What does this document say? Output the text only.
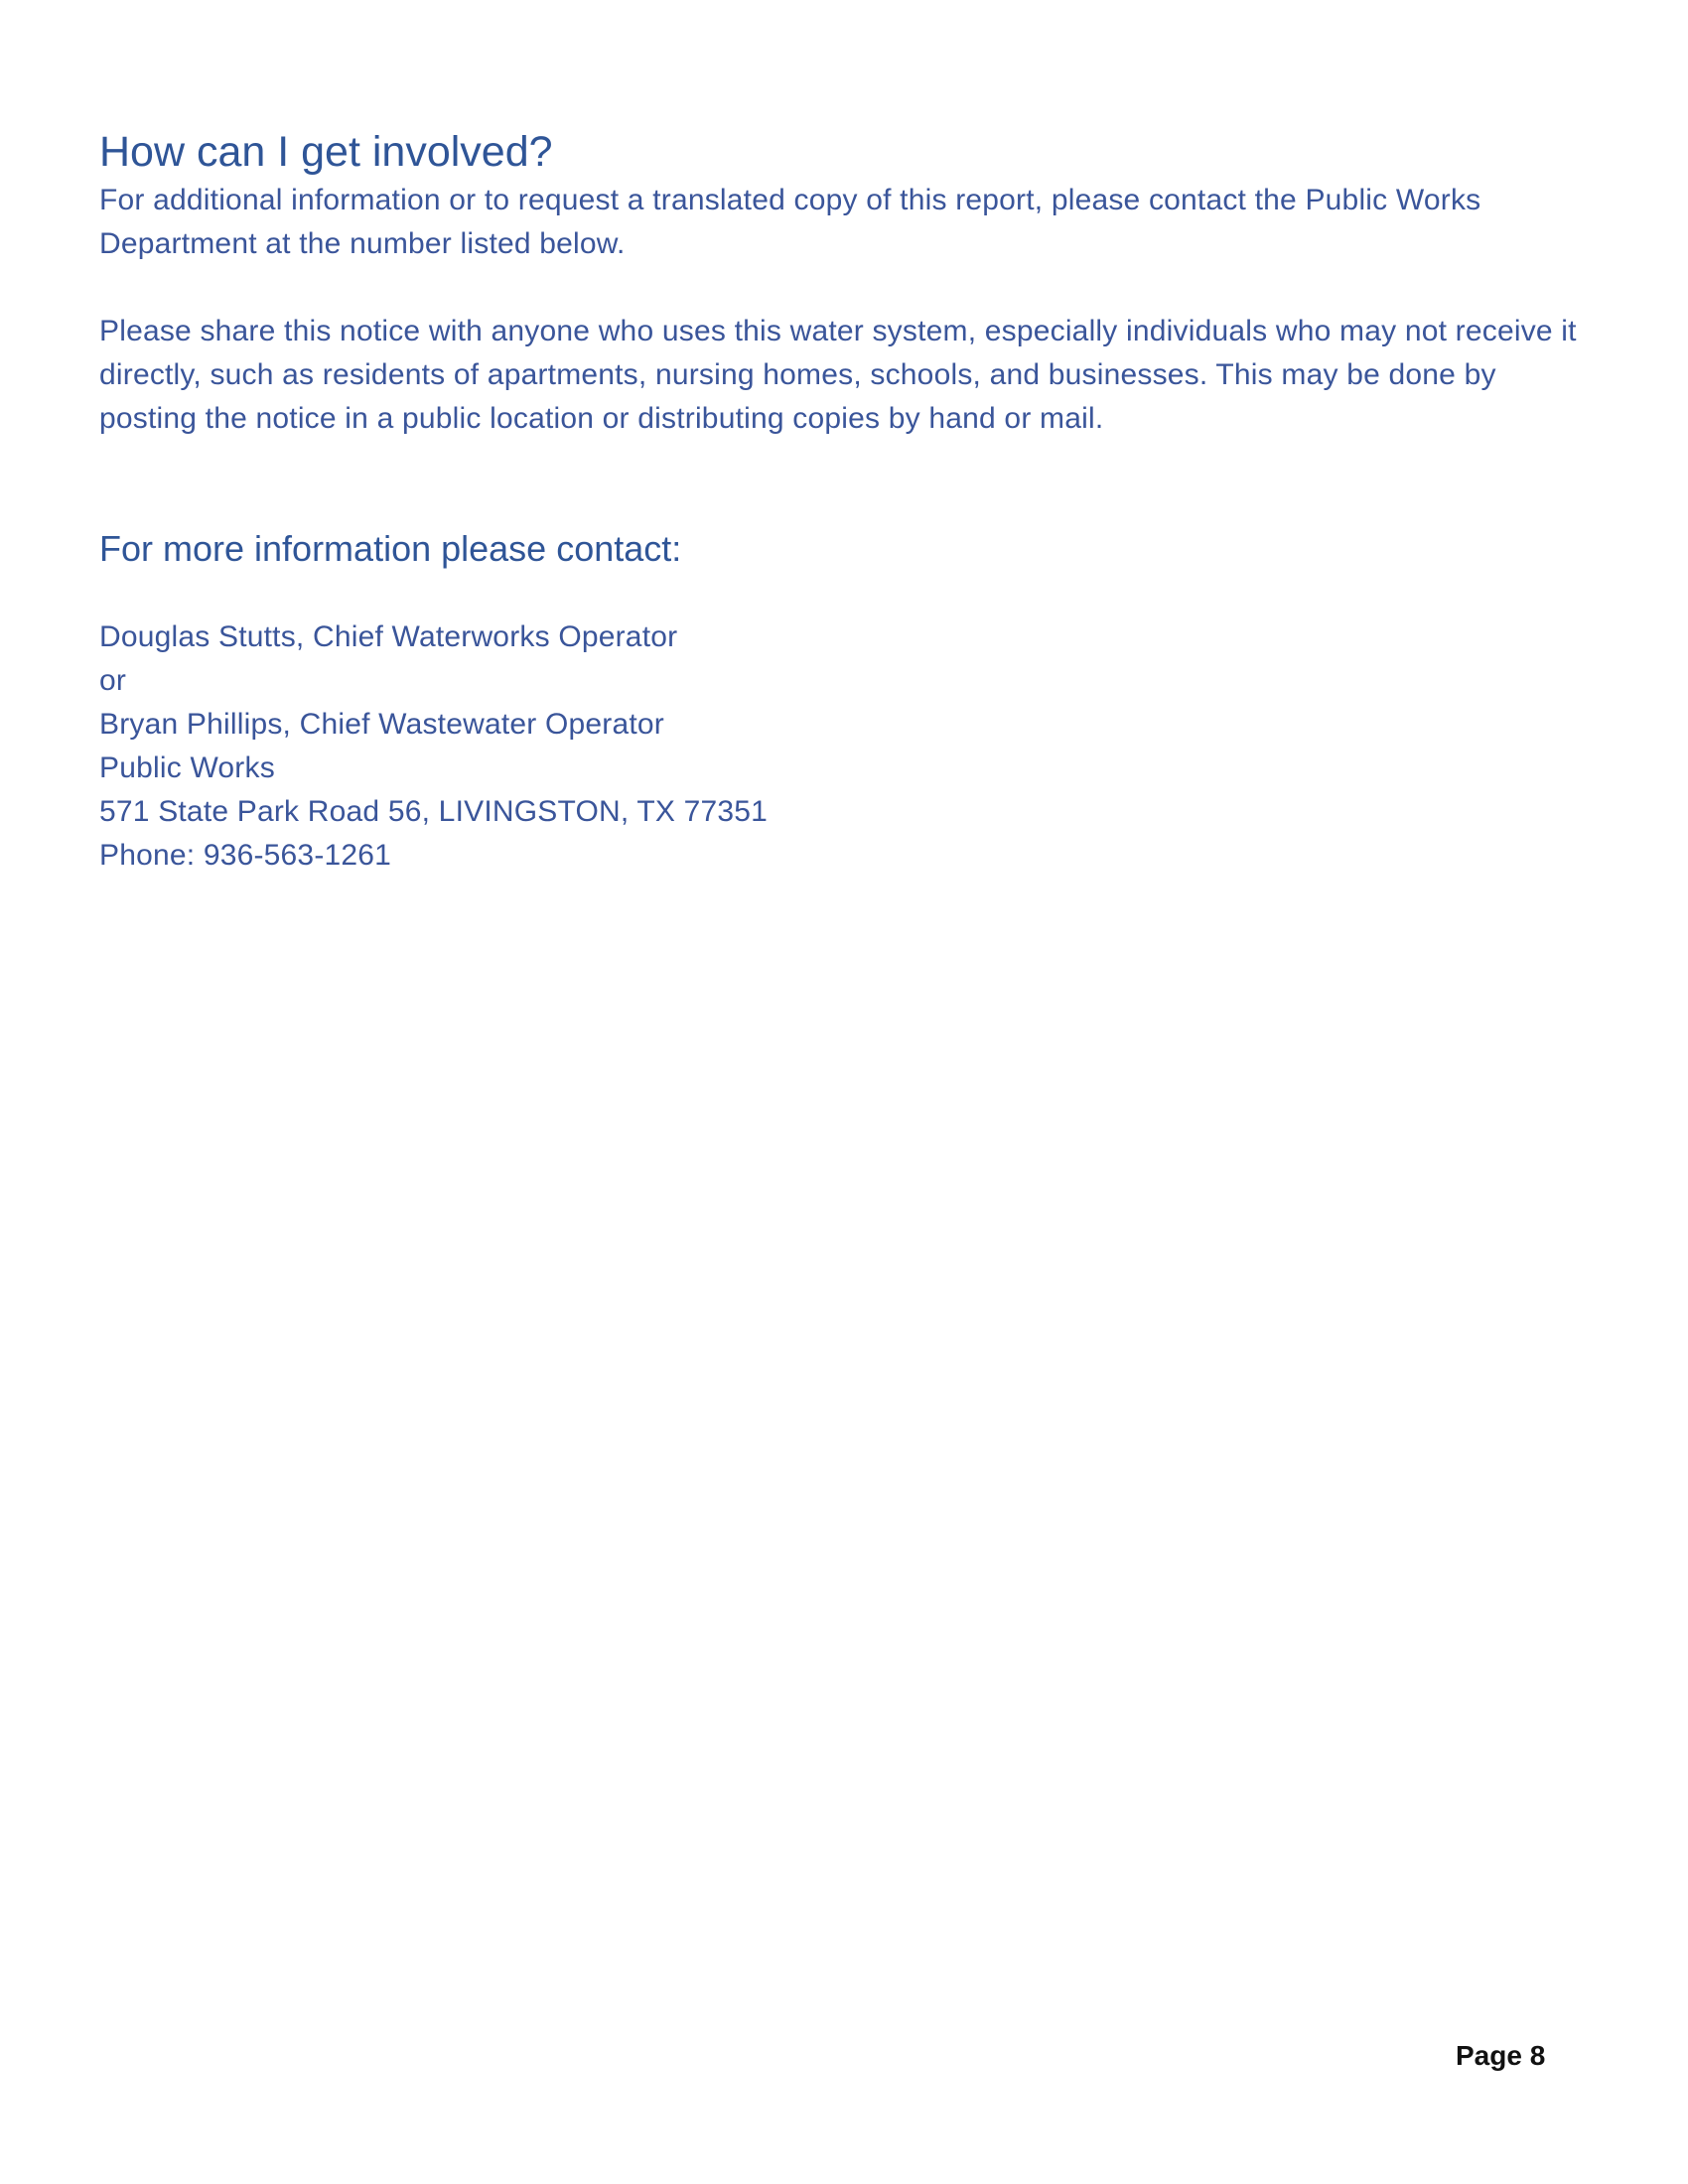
How can I get involved?

For additional information or to request a translated copy of this report, please contact the Public Works Department at the number listed below.

Please share this notice with anyone who uses this water system, especially individuals who may not receive it directly, such as residents of apartments, nursing homes, schools, and businesses. This may be done by posting the notice in a public location or distributing copies by hand or mail.

For more information please contact:
Douglas Stutts, Chief Waterworks Operator
or
Bryan Phillips, Chief Wastewater Operator
Public Works
571 State Park Road 56, LIVINGSTON, TX 77351
Phone: 936-563-1261
Page 8
